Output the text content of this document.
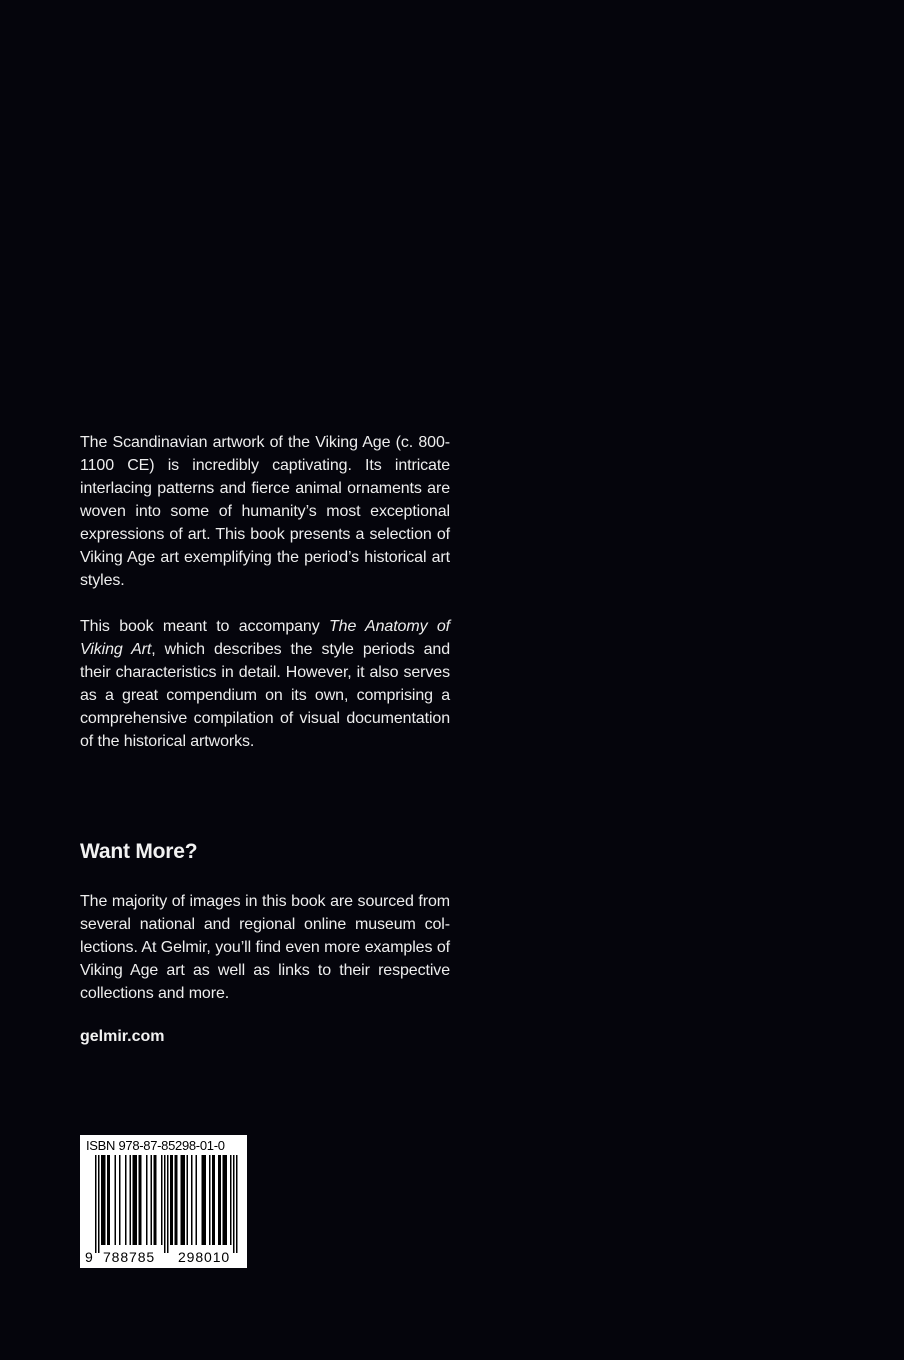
The Scandinavian artwork of the Viking Age (c. 800-1100 CE) is incredibly captivating. Its intricate interlacing patterns and fierce animal ornaments are woven into some of humanity’s most exceptional expressions of art. This book presents a selection of Viking Age art exemplifying the period’s historical art styles.

This book meant to accompany The Anatomy of Viking Art, which describes the style periods and their characteristics in detail. However, it also serves as a great compendium on its own, comprising a comprehensive compilation of visual documentation of the historical artworks.

Want More?

The majority of images in this book are sourced from several national and regional online museum col-lections. At Gelmir, you’ll find even more examples of Viking Age art as well as links to their respective collections and more.

gelmir.com
ISBN 978-87-85298-01-0
9 788785 298010
